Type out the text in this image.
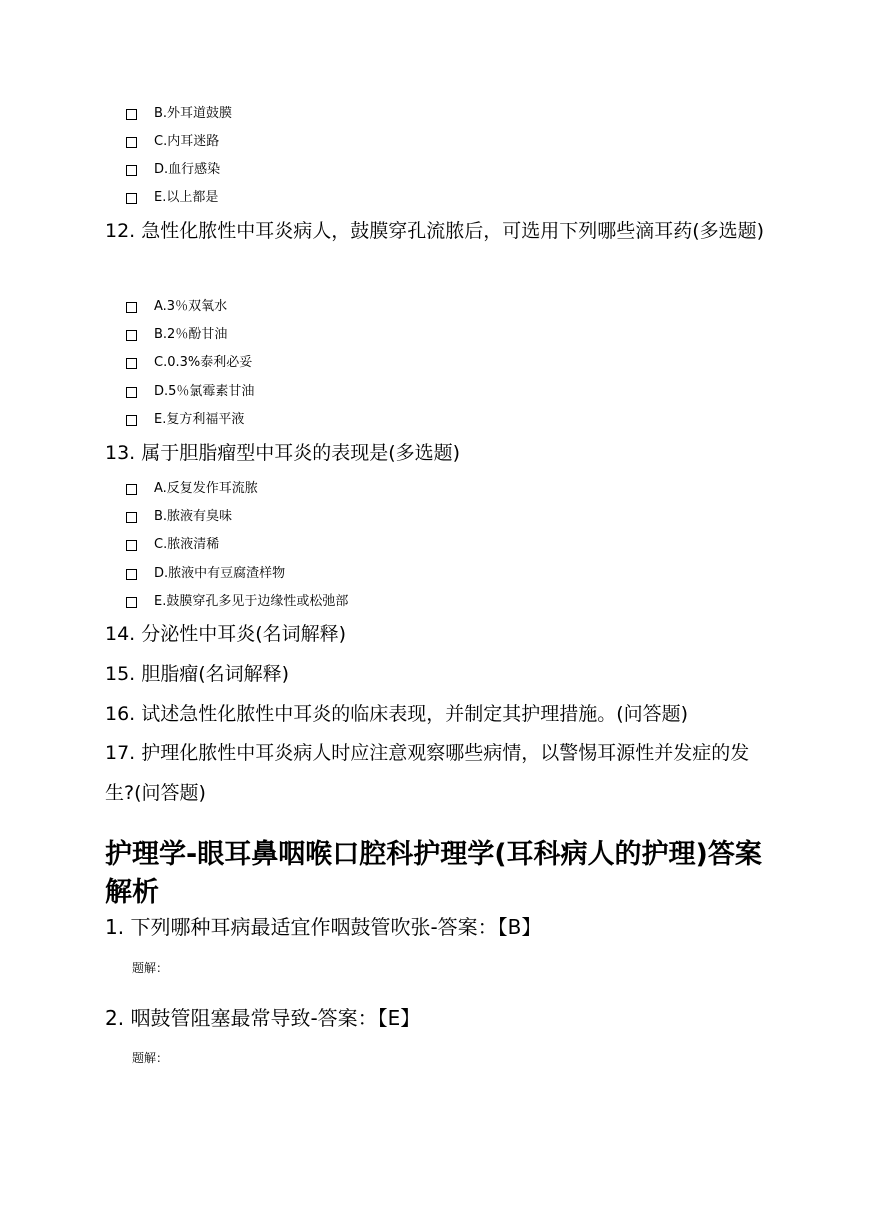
B.外耳道鼓膜
C.内耳迷路
D.血行感染
E.以上都是
12. 急性化脓性中耳炎病人，鼓膜穿孔流脓后，可选用下列哪些滴耳药(多选题)
A.3％双氧水
B.2％酚甘油
C.0.3%泰利必妥
D.5％氯霉素甘油
E.复方利福平液
13. 属于胆脂瘤型中耳炎的表现是(多选题)
A.反复发作耳流脓
B.脓液有臭味
C.脓液清稀
D.脓液中有豆腐渣样物
E.鼓膜穿孔多见于边缘性或松弛部
14. 分泌性中耳炎(名词解释)
15. 胆脂瘤(名词解释)
16. 试述急性化脓性中耳炎的临床表现，并制定其护理措施。(问答题)
17. 护理化脓性中耳炎病人时应注意观察哪些病情，以警惕耳源性并发症的发生?(问答题)
护理学-眼耳鼻咽喉口腔科护理学(耳科病人的护理)答案解析
1. 下列哪种耳病最适宜作咽鼓管吹张-答案：【B】
题解：
2. 咽鼓管阻塞最常导致-答案：【E】
题解：
